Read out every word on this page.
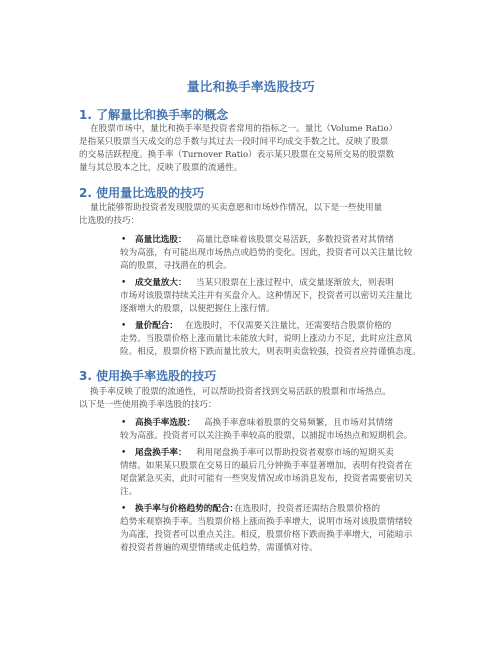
量比和换手率选股技巧
1. 了解量比和换手率的概念
在股票市场中，量比和换手率是投资者常用的指标之一。量比（Volume Ratio）
是指某只股票当天成交的总手数与其过去一段时间平均成交手数之比，反映了股票
的交易活跃程度。换手率（Turnover Ratio）表示某只股票在交易所交易的股票数
量与其总股本之比，反映了股票的流通性。
2. 使用量比选股的技巧
量比能够帮助投资者发现股票的买卖意愿和市场炒作情况，以下是一些使用量
比选股的技巧：
• 高量比选股： 高量比意味着该股票交易活跃，多数投资者对其情绪
较为高涨，有可能出现市场热点或趋势的变化。因此，投资者可以关注量比较
高的股票，寻找潜在的机会。
• 成交量放大： 当某只股票在上涨过程中，成交量逐渐放大，则表明
市场对该股票持续关注并有买盘介入。这种情况下，投资者可以密切关注量比
逐渐增大的股票，以便把握住上涨行情。
• 量价配合： 在选股时，不仅需要关注量比，还需要结合股票价格的
走势。当股票价格上涨而量比未能放大时，说明上涨动力不足，此时应注意风
险。相反，股票价格下跌而量比放大，则表明卖盘较强，投资者应持谨慎态度。
3. 使用换手率选股的技巧
换手率反映了股票的流通性，可以帮助投资者找到交易活跃的股票和市场热点。
以下是一些使用换手率选股的技巧：
• 高换手率选股： 高换手率意味着股票的交易频繁，且市场对其情绪
较为高涨。投资者可以关注换手率较高的股票，以捕捉市场热点和短期机会。
• 尾盘换手率： 利用尾盘换手率可以帮助投资者观察市场的短期买卖
情绪。如果某只股票在交易日的最后几分钟换手率显著增加，表明有投资者在
尾盘紧急买卖，此时可能有一些突发情况或市场消息发布，投资者需要密切关
注。
• 换手率与价格趋势的配合：
在选股时，投资者还需结合股票价格的
趋势来观察换手率。当股票价格上涨而换手率增大，说明市场对该股票情绪较
为高涨，投资者可以重点关注。相反，股票价格下跌而换手率增大，可能暗示
着投资者普遍的观望情绪或走低趋势，需谨慎对待。
